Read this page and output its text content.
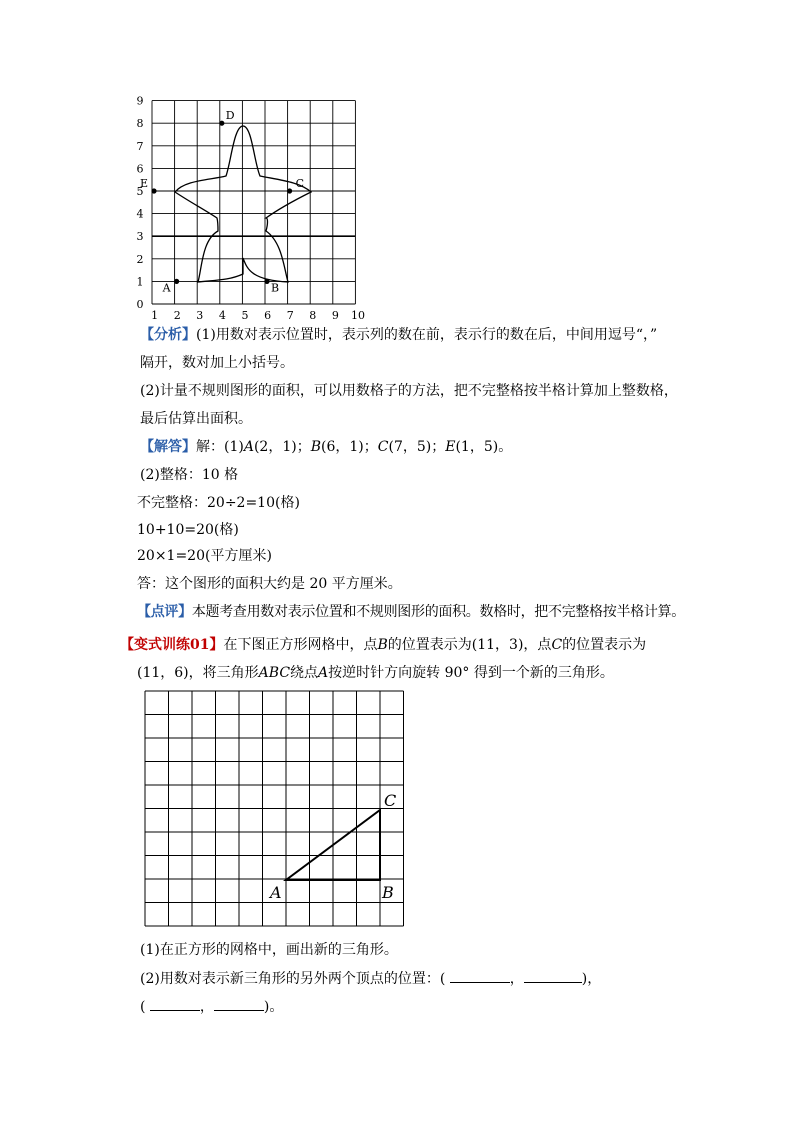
0
1
2
3
4
5
6
7
8
9
1 2 3 4 5 6 7 8 9 10
A	B
C
D
E
【分析】(1)用数对表示位置时，表示列的数在前，表示行的数在后，中间用逗号“，”
隔开，数对加上小括号。
(2)计量不规则图形的面积，可以用数格子的方法，把不完整格按半格计算加上整数格，
最后估算出面积。
【解答】解：(1)A(2，1)；B(6，1)；C(7，5)；E(1，5)。
(2)整格：10 格
不完整格：20÷2=10(格)
10+10=20(格)
20×1=20(平方厘米)
答：这个图形的面积大约是 20 平方厘米。
【点评】本题考查用数对表示位置和不规则图形的面积。数格时，把不完整格按半格计算。
【变式训练01】在下图正方形网格中，点B的位置表示为(11，3)，点C的位置表示为
(11，6)，将三角形ABC绕点A按逆时针方向旋转 90° 得到一个新的三角形。
A	B
C
(1)在正方形的网格中，画出新的三角形。
(2)用数对表示新三角形的另外两个顶点的位置：(	，	)，
(	，	)。
